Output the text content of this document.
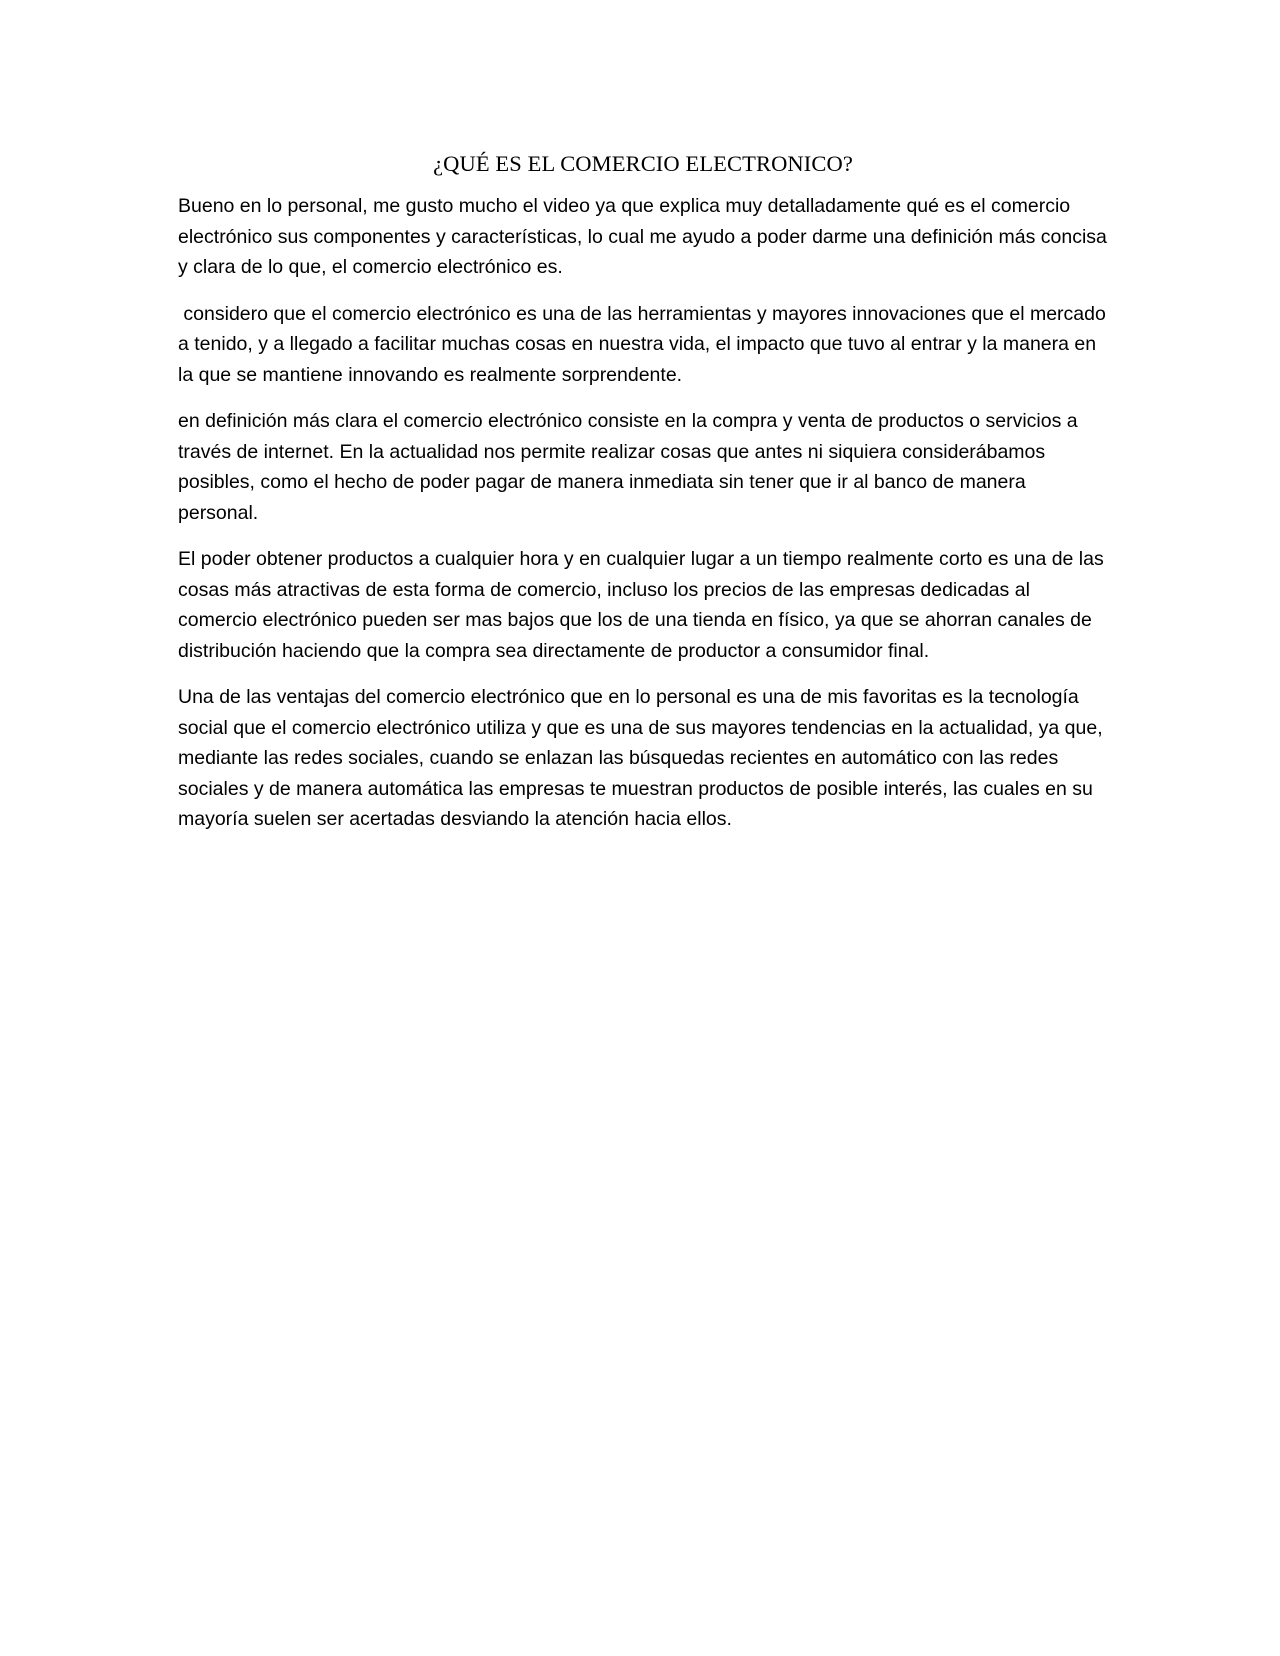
¿QUÉ ES EL COMERCIO ELECTRONICO?

Bueno en lo personal, me gusto mucho el video ya que explica muy detalladamente qué es el comercio electrónico sus componentes y características, lo cual me ayudo a poder darme una definición más concisa y clara de lo que, el comercio electrónico es.

considero que el comercio electrónico es una de las herramientas y mayores innovaciones que el mercado a tenido, y a llegado a facilitar muchas cosas en nuestra vida, el impacto que tuvo al entrar y la manera en la que se mantiene innovando es realmente sorprendente.

en definición más clara el comercio electrónico consiste en la compra y venta de productos o servicios a través de internet. En la actualidad nos permite realizar cosas que antes ni siquiera considerábamos posibles, como el hecho de poder pagar de manera inmediata sin tener que ir al banco de manera personal.

El poder obtener productos a cualquier hora y en cualquier lugar a un tiempo realmente corto es una de las cosas más atractivas de esta forma de comercio, incluso los precios de las empresas dedicadas al comercio electrónico pueden ser mas bajos que los de una tienda en físico, ya que se ahorran canales de distribución haciendo que la compra sea directamente de productor a consumidor final.

Una de las ventajas del comercio electrónico que en lo personal es una de mis favoritas es la tecnología social que el comercio electrónico utiliza y que es una de sus mayores tendencias en la actualidad, ya que, mediante las redes sociales, cuando se enlazan las búsquedas recientes en automático con las redes sociales y de manera automática las empresas te muestran productos de posible interés, las cuales en su mayoría suelen ser acertadas desviando la atención hacia ellos.
